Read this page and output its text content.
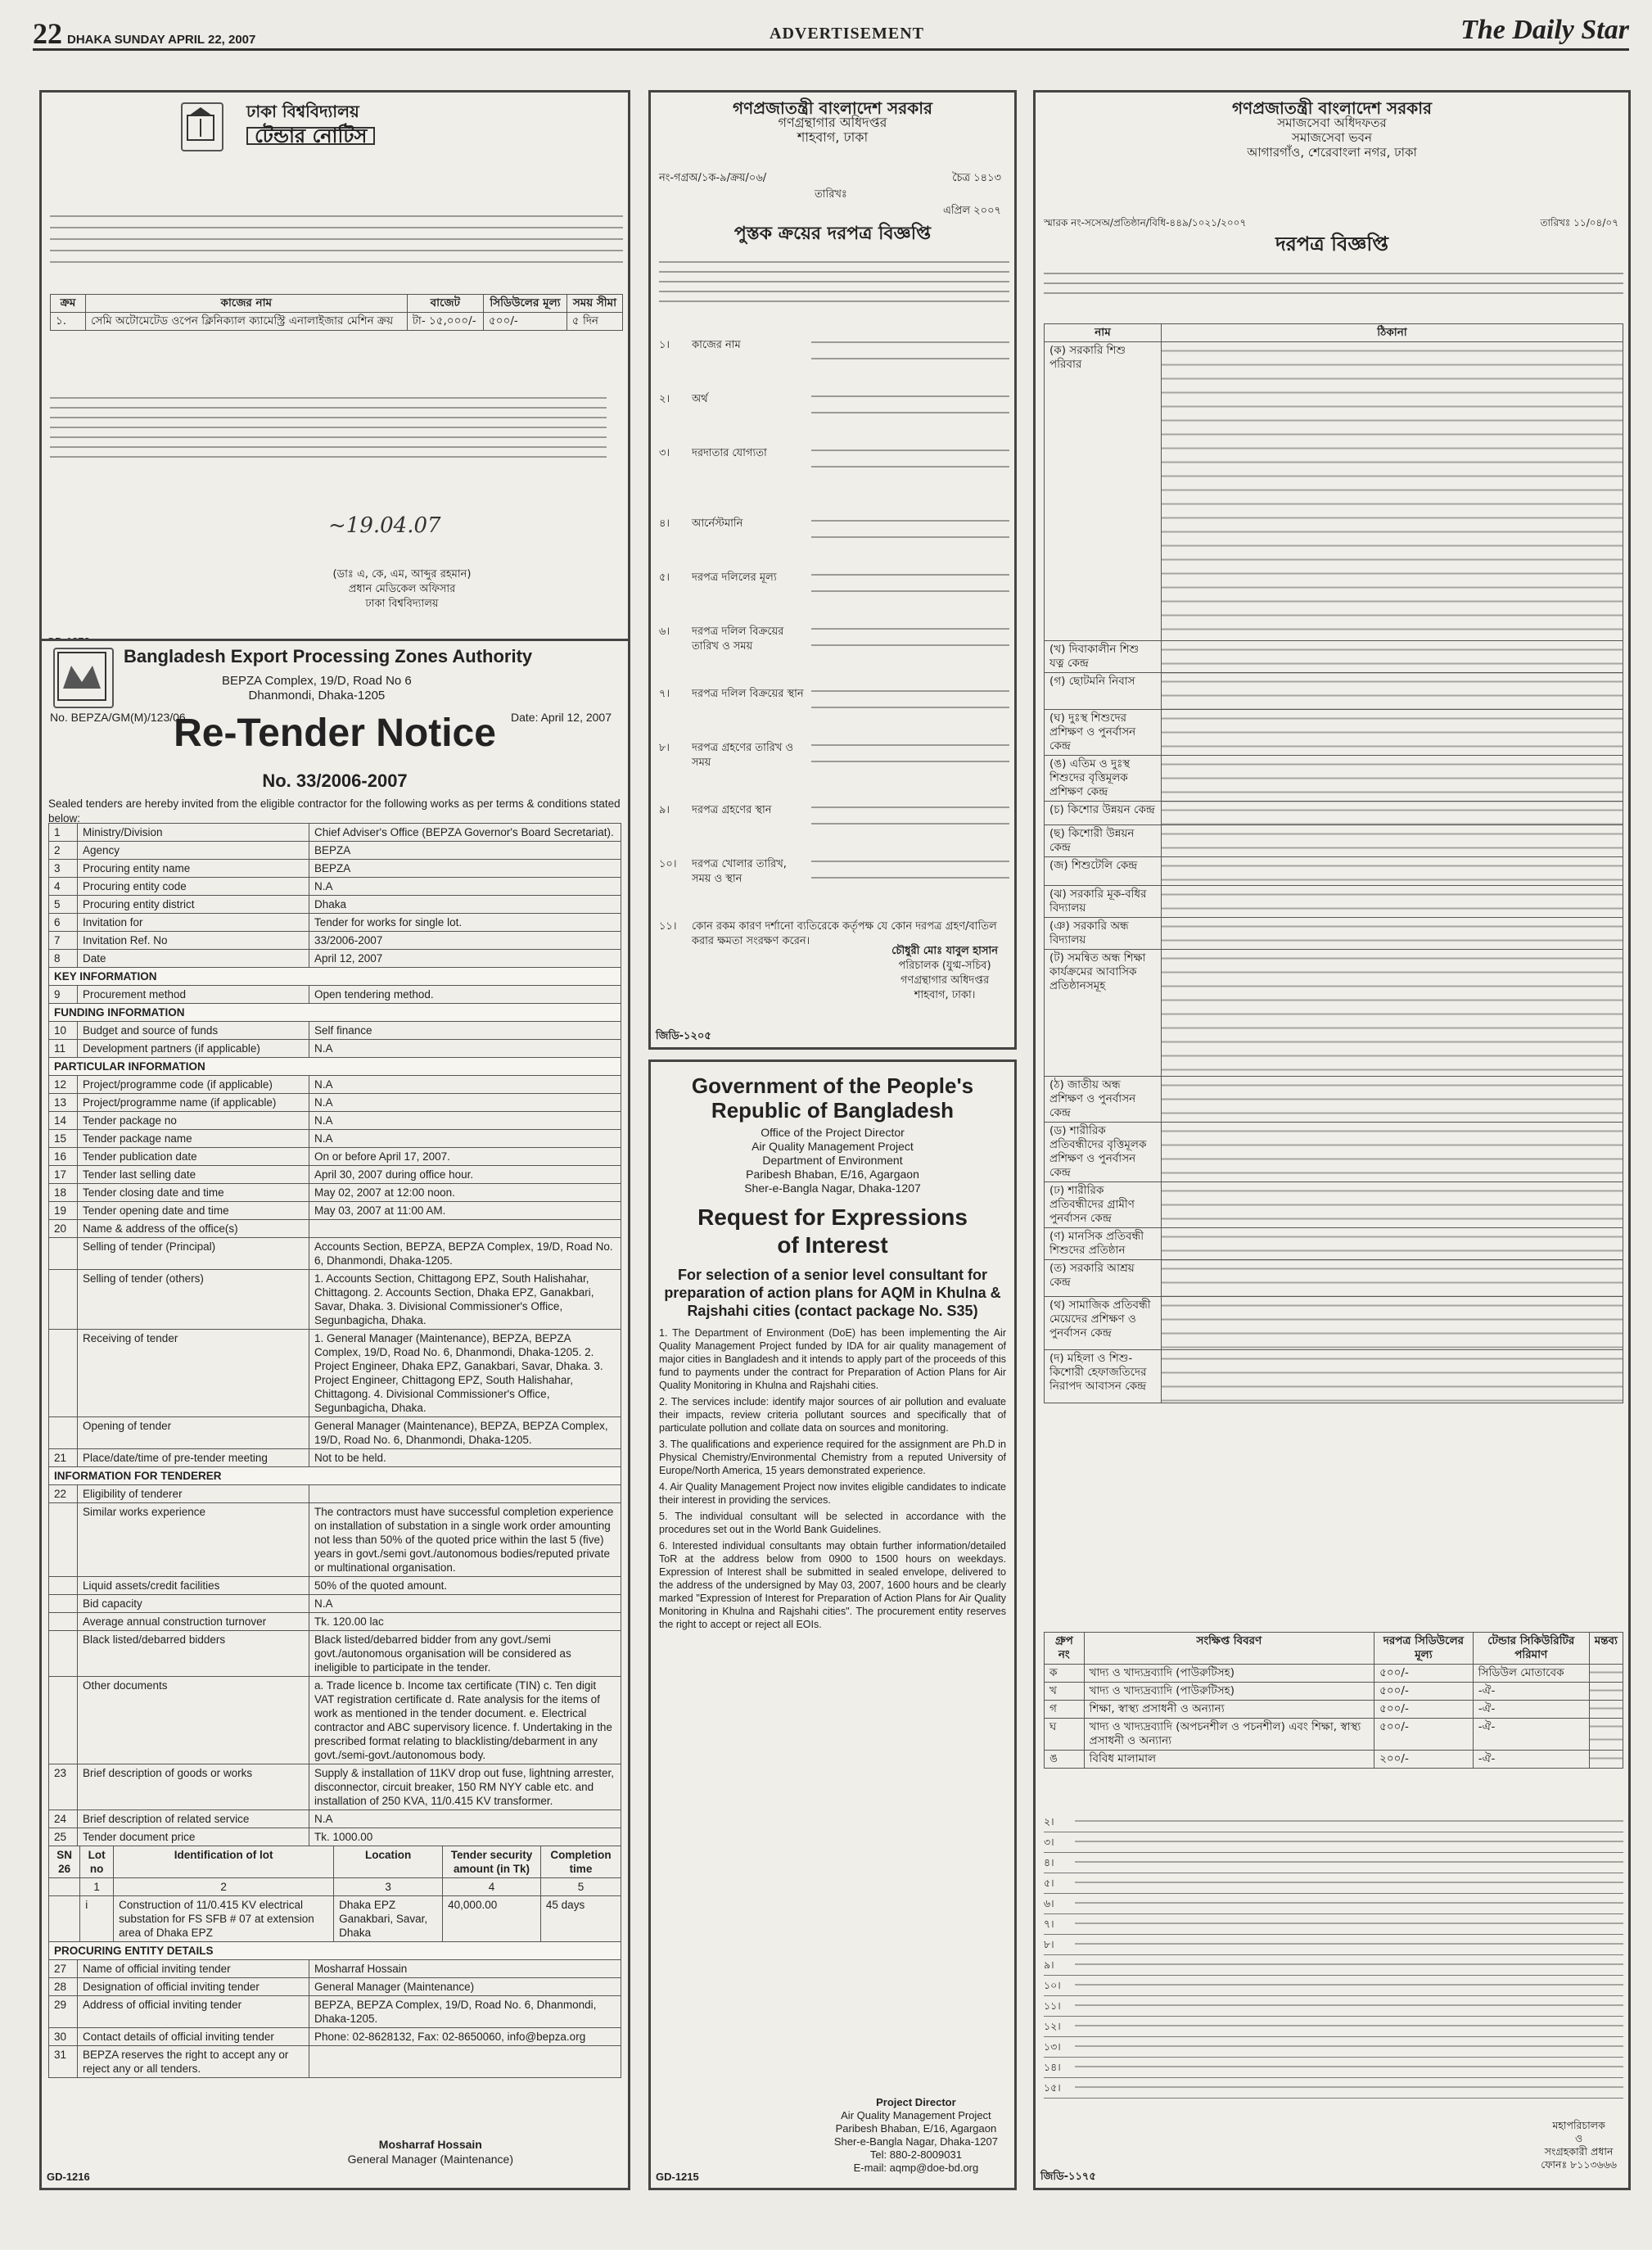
22 DHAKA SUNDAY APRIL 22, 2007	ADVERTISEMENT	The Daily Star
ঢাকা বিশ্ববিদ্যালয়
টেন্ডার নোটিস
ক্রম	কাজের নাম	বাজেট	সিডিউলের মূল্য	সময় সীমা
১.	সেমি অটোমেটেড ওপেন ক্লিনিক্যাল ক্যামেস্ট্রি এনালাইজার মেশিন ক্রয়	টা- ১৫,০০০/-	৫০০/-	৫ দিন
~19.04.07
(ডাঃ এ, কে, এম, আব্দুর রহমান)
প্রধান মেডিকেল অফিসার
ঢাকা বিশ্ববিদ্যালয়
Bangladesh Export Processing Zones Authority
BEPZA Complex, 19/D, Road No 6
Dhanmondi, Dhaka-1205
No. BEPZA/GM(M)/123/06	Date: April 12, 2007
Re-Tender Notice
No. 33/2006-2007
Sealed tenders are hereby invited from the eligible contractor for the following works as per terms & conditions stated below:
1	Ministry/Division	Chief Adviser's Office (BEPZA Governor's Board Secretariat).
2	Agency	BEPZA
3	Procuring entity name	BEPZA
4	Procuring entity code	N.A
5	Procuring entity district	Dhaka
6	Invitation for	Tender for works for single lot.
7	Invitation Ref. No	33/2006-2007
8	Date	April 12, 2007
KEY INFORMATION		
9	Procurement method	Open tendering method.
FUNDING INFORMATION		
10	Budget and source of funds	Self finance
11	Development partners (if applicable)	N.A
PARTICULAR INFORMATION		
12	Project/programme code (if applicable)	N.A
13	Project/programme name (if applicable)	N.A
14	Tender package no	N.A
15	Tender package name	N.A
16	Tender publication date	On or before April 17, 2007.
17	Tender last selling date	April 30, 2007 during office hour.
18	Tender closing date and time	May 02, 2007 at 12:00 noon.
19	Tender opening date and time	May 03, 2007 at 11:00 AM.
20	Name & address of the office(s)	
	Selling of tender (Principal)	Accounts Section, BEPZA, BEPZA Complex, 19/D, Road No. 6, Dhanmondi, Dhaka-1205.
	Selling of tender (others)	1. Accounts Section, Chittagong EPZ, South Halishahar, Chittagong. 2. Accounts Section, Dhaka EPZ, Ganakbari, Savar, Dhaka. 3. Divisional Commissioner's Office, Segunbagicha, Dhaka.
	Receiving of tender	1. General Manager (Maintenance), BEPZA, BEPZA Complex, 19/D, Road No. 6, Dhanmondi, Dhaka-1205. 2. Project Engineer, Dhaka EPZ, Ganakbari, Savar, Dhaka. 3. Project Engineer, Chittagong EPZ, South Halishahar, Chittagong. 4. Divisional Commissioner's Office, Segunbagicha, Dhaka.
	Opening of tender	General Manager (Maintenance), BEPZA, BEPZA Complex, 19/D, Road No. 6, Dhanmondi, Dhaka-1205.
21	Place/date/time of pre-tender meeting	Not to be held.
INFORMATION FOR TENDERER		
22	Eligibility of tenderer	
	Similar works experience	The contractors must have successful completion experience on installation of substation in a single work order amounting not less than 50% of the quoted price within the last 5 (five) years in govt./semi govt./autonomous bodies/reputed private or multinational organisation.
	Liquid assets/credit facilities	50% of the quoted amount.
	Bid capacity	N.A
	Average annual construction turnover	Tk. 120.00 lac
	Black listed/debarred bidders	Black listed/debarred bidder from any govt./semi govt./autonomous organisation will be considered as ineligible to participate in the tender.
	Other documents	a. Trade licence b. Income tax certificate (TIN) c. Ten digit VAT registration certificate d. Rate analysis for the items of work as mentioned in the tender document. e. Electrical contractor and ABC supervisory licence. f. Undertaking in the prescribed format relating to blacklisting/debarment in any govt./semi-govt./autonomous body.
23	Brief description of goods or works	Supply & installation of 11KV drop out fuse, lightning arrester, disconnector, circuit breaker, 150 RM NYY cable etc. and installation of 250 KVA, 11/0.415 KV transformer.
24	Brief description of related service	N.A
25	Tender document price	Tk. 1000.00
SN 26	Lot no	Identification of lot	Location	Tender security amount (in Tk)	Completion time
	1	2	3	4	5
	i	Construction of 11/0.415 KV electrical substation for FS SFB # 07 at extension area of Dhaka EPZ	Dhaka EPZ Ganakbari, Savar, Dhaka	40,000.00	45 days
PROCURING ENTITY DETAILS		
27	Name of official inviting tender	Mosharraf Hossain
28	Designation of official inviting tender	General Manager (Maintenance)
29	Address of official inviting tender	BEPZA, BEPZA Complex, 19/D, Road No. 6, Dhanmondi, Dhaka-1205.
30	Contact details of official inviting tender	Phone: 02-8628132, Fax: 02-8650060, info@bepza.org
31	BEPZA reserves the right to accept any or reject any or all tenders.	
Mosharraf Hossain
General Manager (Maintenance)
GD-1216
গণপ্রজাতন্ত্রী বাংলাদেশ সরকার
গণগ্রন্থাগার অধিদপ্তর
শাহবাগ, ঢাকা
নং-গগ্রঅ/১ক-৯/ক্রয়/০৬/	চৈত্র ১৪১৩
তারিখঃ
এপ্রিল ২০০৭
পুস্তক ক্রয়ের দরপত্র বিজ্ঞপ্তি
১।	কাজের নাম
২।	অর্থ
৩।	দরদাতার যোগ্যতা
৪।	আর্নেস্টমানি
৫।	দরপত্র দলিলের মূল্য
৬।	দরপত্র দলিল বিক্রয়ের তারিখ ও সময়
৭।	দরপত্র দলিল বিক্রয়ের স্থান
৮।	দরপত্র গ্রহণের তারিখ ও সময়
৯।	দরপত্র গ্রহণের স্থান
১০।	দরপত্র খোলার তারিখ, সময় ও স্থান
১১।	কোন রকম কারণ দর্শানো ব্যতিরেকে কর্তৃপক্ষ যে কোন দরপত্র গ্রহণ/বাতিল করার ক্ষমতা সংরক্ষণ করেন।
চৌধুরী মোঃ যাবুল হাসান
পরিচালক (যুগ্ম-সচিব)
গণগ্রন্থাগার অধিদপ্তর
শাহবাগ, ঢাকা।
জিডি-১২০৫
Government of the People's
Republic of Bangladesh
Office of the Project Director
Air Quality Management Project
Department of Environment
Paribesh Bhaban, E/16, Agargaon
Sher-e-Bangla Nagar, Dhaka-1207
Request for Expressions
of Interest
For selection of a senior level consultant for preparation of action plans for AQM in Khulna & Rajshahi cities (contact package No. S35)

1. The Department of Environment (DoE) has been implementing the Air Quality Management Project funded by IDA for air quality management of major cities in Bangladesh and it intends to apply part of the proceeds of this fund to payments under the contract for Preparation of Action Plans for Air Quality Monitoring in Khulna and Rajshahi cities.

2. The services include: identify major sources of air pollution and evaluate their impacts, review criteria pollutant sources and specifically that of particulate pollution and collate data on sources and monitoring.

3. The qualifications and experience required for the assignment are Ph.D in Physical Chemistry/Environmental Chemistry from a reputed University of Europe/North America, 15 years demonstrated experience.

4. Air Quality Management Project now invites eligible candidates to indicate their interest in providing the services.

5. The individual consultant will be selected in accordance with the procedures set out in the World Bank Guidelines.

6. Interested individual consultants may obtain further information/detailed ToR at the address below from 0900 to 1500 hours on weekdays. Expression of Interest shall be submitted in sealed envelope, delivered to the address of the undersigned by May 03, 2007, 1600 hours and be clearly marked "Expression of Interest for Preparation of Action Plans for Air Quality Monitoring in Khulna and Rajshahi cities". The procurement entity reserves the right to accept or reject all EOIs.

Project Director
Air Quality Management Project
Paribesh Bhaban, E/16, Agargaon
Sher-e-Bangla Nagar, Dhaka-1207
Tel: 880-2-8009031
E-mail: aqmp@doe-bd.org
GD-1215
গণপ্রজাতন্ত্রী বাংলাদেশ সরকার
সমাজসেবা অধিদফতর
সমাজসেবা ভবন
আগারগাঁও, শেরেবাংলা নগর, ঢাকা
স্মারক নং-সসেঅ/প্রতিষ্ঠান/বিধি-৪৪৯/১০২১/২০০৭	তারিখঃ ১১/০৪/০৭
দরপত্র বিজ্ঞপ্তি
নাম	ঠিকানা
(ক) সরকারি শিশু পরিবার	
(খ) দিবাকালীন শিশু যত্ন কেন্দ্র	
(গ) ছোটমনি নিবাস	
(ঘ) দুঃস্থ শিশুদের প্রশিক্ষণ ও পুনর্বাসন কেন্দ্র	
(ঙ) এতিম ও দুঃস্থ শিশুদের বৃত্তিমূলক প্রশিক্ষণ কেন্দ্র	
(চ) কিশোর উন্নয়ন কেন্দ্র	
(ছ) কিশোরী উন্নয়ন কেন্দ্র	
(জ) শিশুটেলি কেন্দ্র	
(ঝ) সরকারি মূক-বধির বিদ্যালয়	
(ঞ) সরকারি অন্ধ বিদ্যালয়	
(ট) সমন্বিত অন্ধ শিক্ষা কার্যক্রমের আবাসিক প্রতিষ্ঠানসমূহ	
(ঠ) জাতীয় অন্ধ প্রশিক্ষণ ও পুনর্বাসন কেন্দ্র	
(ড) শারীরিক প্রতিবন্ধীদের বৃত্তিমূলক প্রশিক্ষণ ও পুনর্বাসন কেন্দ্র	
(ঢ) শারীরিক প্রতিবন্ধীদের গ্রামীণ পুনর্বাসন কেন্দ্র	
(ণ) মানসিক প্রতিবন্ধী শিশুদের প্রতিষ্ঠান	
(ত) সরকারি আশ্রয় কেন্দ্র	
(থ) সামাজিক প্রতিবন্ধী মেয়েদের প্রশিক্ষণ ও পুনর্বাসন কেন্দ্র	
(দ) মহিলা ও শিশু-কিশোরী হেফাজতিদের নিরাপদ আবাসন কেন্দ্র	
গ্রুপ নং	সংক্ষিপ্ত বিবরণ	দরপত্র সিডিউলের মূল্য	টেন্ডার সিকিউরিটির পরিমাণ	মন্তব্য
ক	খাদ্য ও খাদ্যদ্রব্যাদি (পাউরুটিসহ)	৫০০/-	সিডিউল মোতাবেক	
খ	খাদ্য ও খাদ্যদ্রব্যাদি (পাউরুটিসহ)	৫০০/-	-ঐ-	
গ	শিক্ষা, স্বাস্থ্য প্রসাধনী ও অন্যান্য	৫০০/-	-ঐ-	
ঘ	খাদ্য ও খাদ্যদ্রব্যাদি (অপচনশীল ও পচনশীল) এবং শিক্ষা, স্বাস্থ্য প্রসাধনী ও অন্যান্য	৫০০/-	-ঐ-	
ঙ	বিবিধ মালামাল	২০০/-	-ঐ-	
২।
৩।
৪।
৫।
৬।
৭।
৮।
৯।
১০।
১১।
১২।
১৩।
১৪।
১৫।
মহাপরিচালক
ও
সংগ্রহকারী প্রধান
ফোনঃ ৮১১৩৬৬৬
জিডি-১১৭৫
